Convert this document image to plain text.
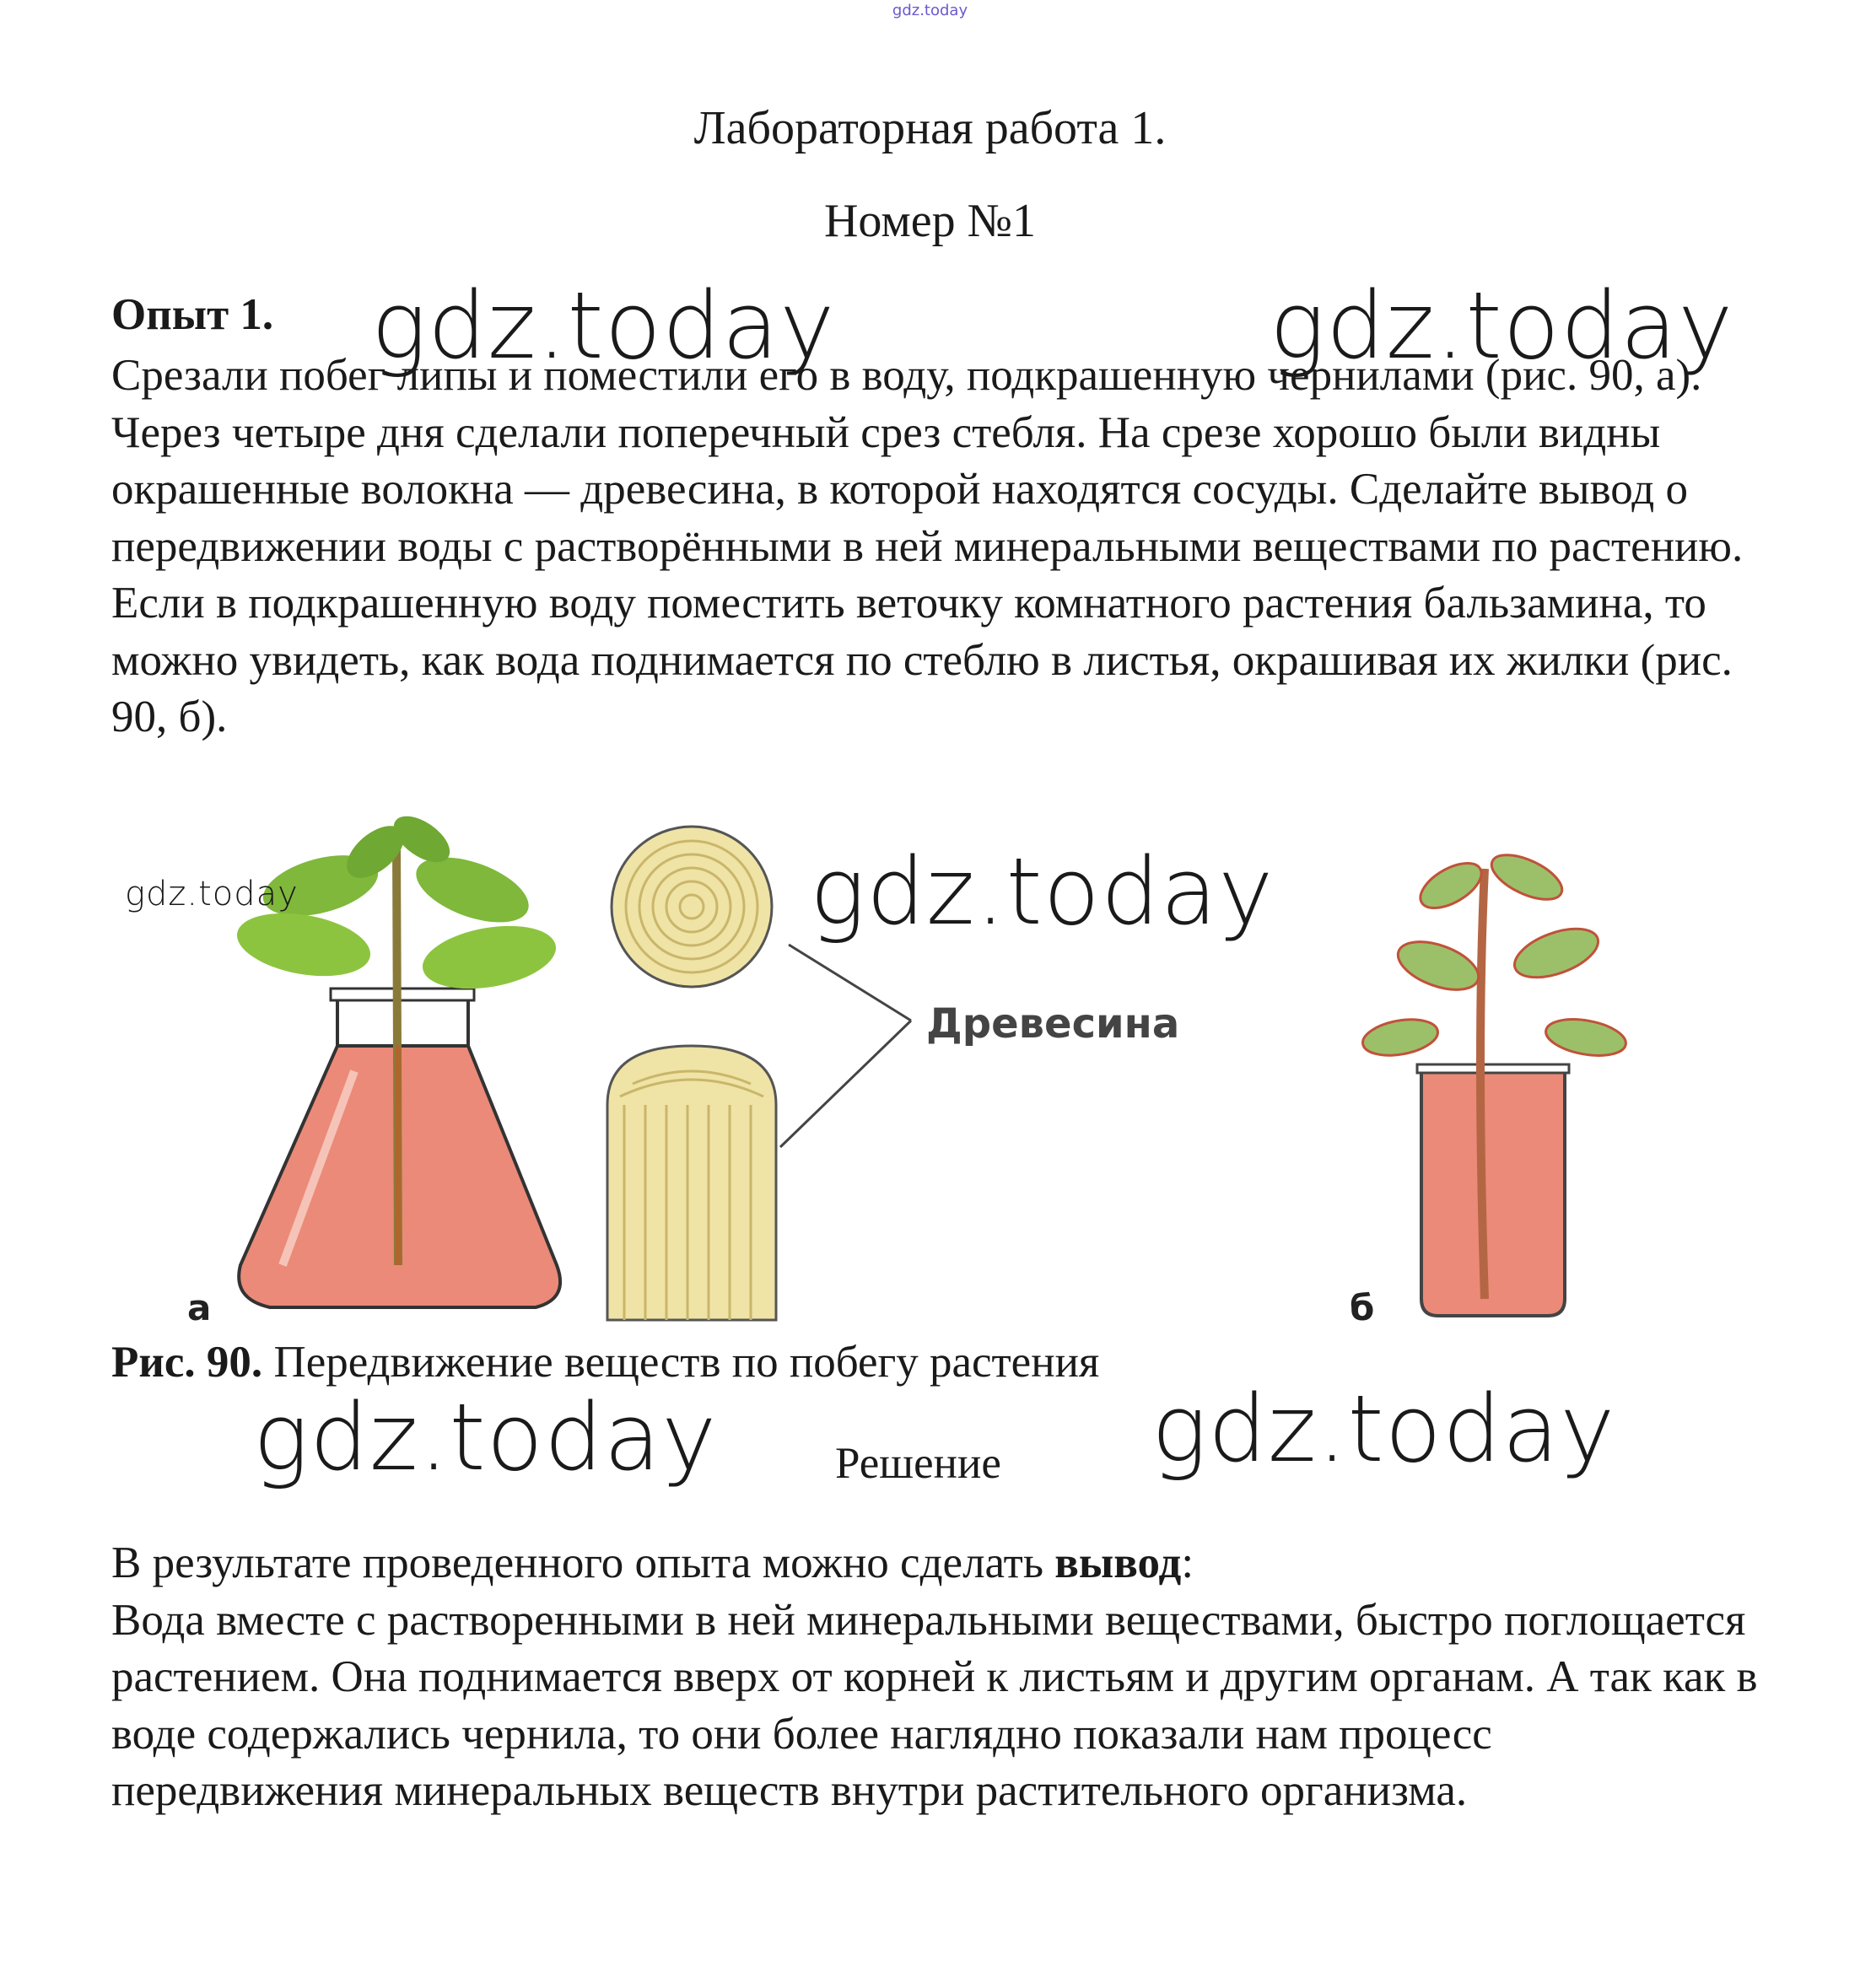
gdz.today
Лабораторная работа 1.
Номер №1
gdz.today	gdz.today
Опыт 1.

Срезали побег липы и поместили его в воду, подкрашенную чернилами (рис. 90, а). Через четыре дня сделали поперечный срез стебля. На срезе хорошо были видны окрашенные волокна — древесина, в которой находятся сосуды. Сделайте вывод о передвижении воды с растворёнными в ней минеральными веществами по растению.

Если в подкрашенную воду поместить веточку комнатного растения бальзамина, то можно увидеть, как вода поднимается по стеблю в листья, окрашивая их жилки (рис. 90, б).

а
Древесина
б
gdz.today	gdz.today
Рис. 90. Передвижение веществ по побегу растения
gdz.today	gdz.today
Решение

В результате проведенного опыта можно сделать вывод:

Вода вместе с растворенными в ней минеральными веществами, быстро поглощается растением. Она поднимается вверх от корней к листьям и другим органам. А так как в воде содержались чернила, то они более наглядно показали нам процесс передвижения минеральных веществ внутри растительного организма.
